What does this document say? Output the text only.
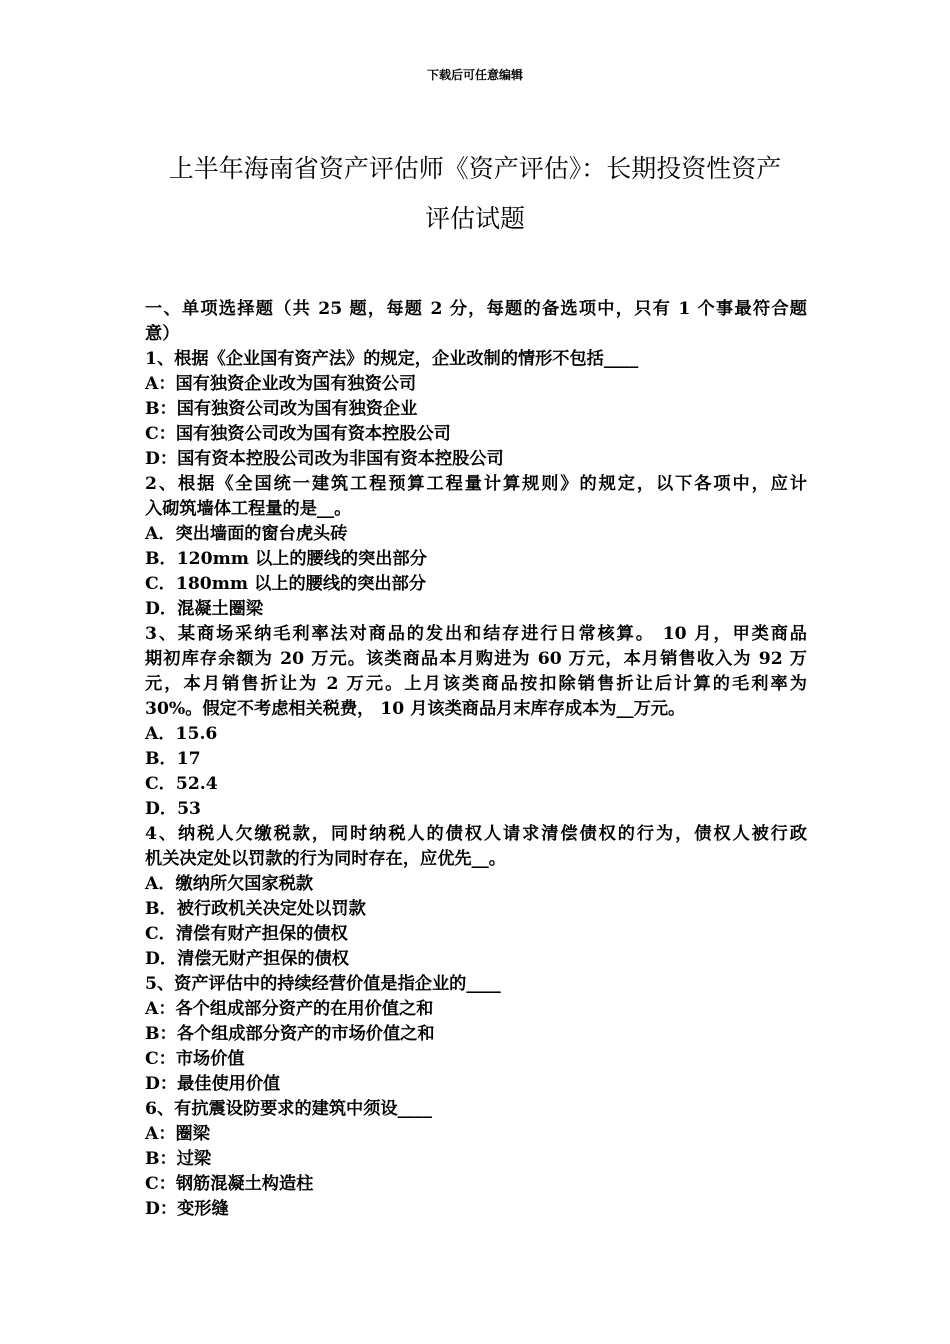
下载后可任意编辑
上半年海南省资产评估师《资产评估》：长期投资性资产
评估试题
一、单项选择题（共 25 题，每题 2 分，每题的备选项中，只有 1 个事最符合题
意）
1、根据《企业国有资产法》的规定，企业改制的情形不包括____
A：国有独资企业改为国有独资公司
B：国有独资公司改为国有独资企业
C：国有独资公司改为国有资本控股公司
D：国有资本控股公司改为非国有资本控股公司
2、根据《全国统一建筑工程预算工程量计算规则》的规定，以下各项中，应计
入砌筑墙体工程量的是__。
A．突出墙面的窗台虎头砖
B．120mm 以上的腰线的突出部分
C．180mm 以上的腰线的突出部分
D．混凝土圈梁
3、某商场采纳毛利率法对商品的发出和结存进行日常核算。 10 月，甲类商品
期初库存余额为 20 万元。该类商品本月购进为 60 万元，本月销售收入为 92 万
元，本月销售折让为 2 万元。上月该类商品按扣除销售折让后计算的毛利率为
30%。假定不考虑相关税费， 10 月该类商品月末库存成本为__万元。
A．15.6
B．17
C．52.4
D．53
4、纳税人欠缴税款，同时纳税人的债权人请求清偿债权的行为，债权人被行政
机关决定处以罚款的行为同时存在，应优先__。
A．缴纳所欠国家税款
B．被行政机关决定处以罚款
C．清偿有财产担保的债权
D．清偿无财产担保的债权
5、资产评估中的持续经营价值是指企业的____
A：各个组成部分资产的在用价值之和
B：各个组成部分资产的市场价值之和
C：市场价值
D：最佳使用价值
6、有抗震设防要求的建筑中须设____
A：圈梁
B：过梁
C：钢筋混凝土构造柱
D：变形缝
